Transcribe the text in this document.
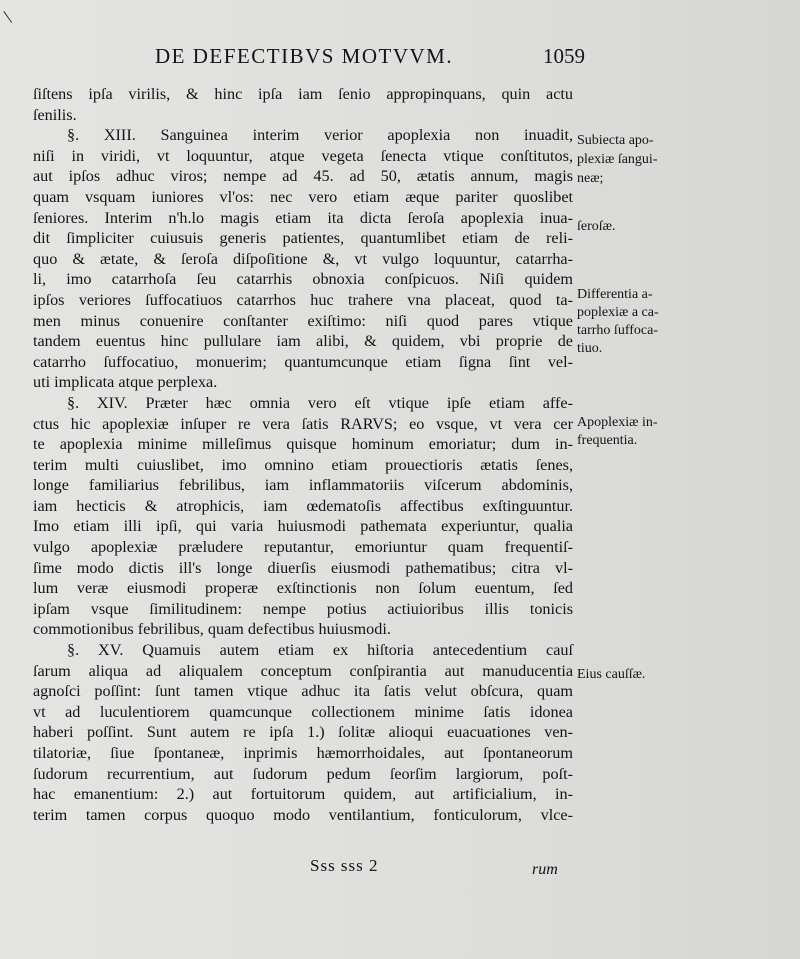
DE DEFECTIBVS MOTVVM.	1059
ſiſtens ipſa virilis, & hinc ipſa iam ſenio appropinquans, quin actu
ſenilis.
§. XIII. Sanguinea interim verior apoplexia non inuadit,
niſi in viridi, vt loquuntur, atque vegeta ſenecta vtique conſtitutos,
aut ipſos adhuc viros; nempe ad 45. ad 50, ætatis annum, magis
quam vsquam iuniores vl'os: nec vero etiam æque pariter quoslibet
ſeniores. Interim n'h.lo magis etiam ita dicta ſeroſa apoplexia inua-
dit ſimpliciter cuiusuis generis patientes, quantumlibet etiam de reli-
quo & ætate, & ſeroſa diſpoſitione &, vt vulgo loquuntur, catarrha-
li, imo catarrhoſa ſeu catarrhis obnoxia conſpicuos. Niſi quidem
ipſos veriores ſuffocatiuos catarrhos huc trahere vna placeat, quod ta-
men minus conuenire conſtanter exiſtimo: niſi quod pares vtique
tandem euentus hinc pullulare iam alibi, & quidem, vbi proprie de
catarrho ſuffocatiuo, monuerim; quantumcunque etiam ſigna ſint vel-
uti implicata atque perplexa.
§. XIV. Præter hæc omnia vero eſt vtique ipſe etiam affe-
ctus hic apoplexiæ inſuper re vera ſatis RARVS; eo vsque, vt vera cer
te apoplexia minime milleſimus quisque hominum emoriatur; dum in-
terim multi cuiuslibet, imo omnino etiam prouectioris ætatis ſenes,
longe familiarius febrilibus, iam inflammatoriis viſcerum abdominis,
iam hecticis & atrophicis, iam œdematoſis affectibus exſtinguuntur.
Imo etiam illi ipſi, qui varia huiusmodi pathemata experiuntur, qualia
vulgo apoplexiæ præludere reputantur, emoriuntur quam frequentiſ-
ſime modo dictis ill's longe diuerſis eiusmodi pathematibus; citra vl-
lum veræ eiusmodi properæ exſtinctionis non ſolum euentum, ſed
ipſam vsque ſimilitudinem: nempe potius actiuioribus illis tonicis
commotionibus febrilibus, quam defectibus huiusmodi.
§. XV. Quamuis autem etiam ex hiſtoria antecedentium cauſ
ſarum aliqua ad aliqualem conceptum conſpirantia aut manuducentia
agnoſci poſſint: ſunt tamen vtique adhuc ita ſatis velut obſcura, quam
vt ad luculentiorem quamcunque collectionem minime ſatis idonea
haberi poſſint. Sunt autem re ipſa 1.) ſolitæ alioqui euacuationes ven-
tilatoriæ, ſiue ſpontaneæ, inprimis hæmorrhoidales, aut ſpontaneorum
ſudorum recurrentium, aut ſudorum pedum ſeorſim largiorum, poſt-
hac emanentium: 2.) aut fortuitorum quidem, aut artificialium, in-
terim tamen corpus quoquo modo ventilantium, fonticulorum, vlce-
Subiecta apo-
plexiæ ſangui-
neæ;
ſeroſæ.
Differentia a-
poplexiæ a ca-
tarrho ſuffoca-
tiuo.
Apoplexiæ in-
frequentia.
Eius cauſſæ.
Sss sss 2	rum
